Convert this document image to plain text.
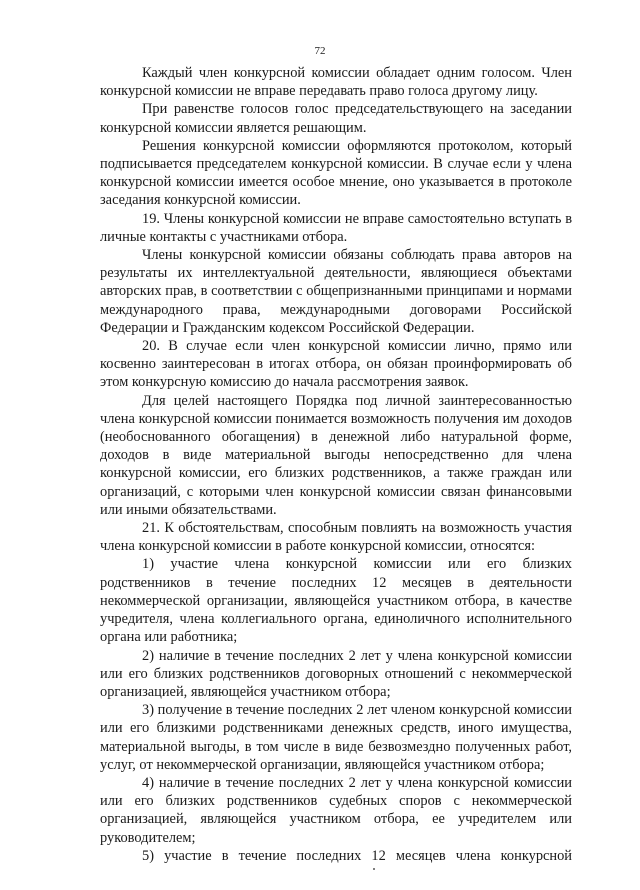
72

Каждый член конкурсной комиссии обладает одним голосом. Член конкурсной комиссии не вправе передавать право голоса другому лицу.

При равенстве голосов голос председательствующего на заседании конкурсной комиссии является решающим.

Решения конкурсной комиссии оформляются протоколом, который подписывается председателем конкурсной комиссии. В случае если у члена конкурсной комиссии имеется особое мнение, оно указывается в протоколе заседания конкурсной комиссии.

19. Члены конкурсной комиссии не вправе самостоятельно вступать в личные контакты с участниками отбора.

Члены конкурсной комиссии обязаны соблюдать права авторов на результаты их интеллектуальной деятельности, являющиеся объектами авторских прав, в соответствии с общепризнанными принципами и нормами международного права, международными договорами Российской Федерации и Гражданским кодексом Российской Федерации.

20. В случае если член конкурсной комиссии лично, прямо или косвенно заинтересован в итогах отбора, он обязан проинформировать об этом конкурсную комиссию до начала рассмотрения заявок.

Для целей настоящего Порядка под личной заинтересованностью члена конкурсной комиссии понимается возможность получения им доходов (необоснованного обогащения) в денежной либо натуральной форме, доходов в виде материальной выгоды непосредственно для члена конкурсной комиссии, его близких родственников, а также граждан или организаций, с которыми член конкурсной комиссии связан финансовыми или иными обязательствами.

21. К обстоятельствам, способным повлиять на возможность участия члена конкурсной комиссии в работе конкурсной комиссии, относятся:

1) участие члена конкурсной комиссии или его близких родственников в течение последних 12 месяцев в деятельности некоммерческой организации, являющейся участником отбора, в качестве учредителя, члена коллегиального органа, единоличного исполнительного органа или работника;

2) наличие в течение последних 2 лет у члена конкурсной комиссии или его близких родственников договорных отношений с некоммерческой организацией, являющейся участником отбора;

3) получение в течение последних 2 лет членом конкурсной комиссии или его близкими родственниками денежных средств, иного имущества, материальной выгоды, в том числе в виде безвозмездно полученных работ, услуг, от некоммерческой организации, являющейся участником отбора;

4) наличие в течение последних 2 лет у члена конкурсной комиссии или его близких родственников судебных споров с некоммерческой организацией, являющейся участником отбора, ее учредителем или руководителем;

5) участие в течение последних 12 месяцев члена конкурсной
